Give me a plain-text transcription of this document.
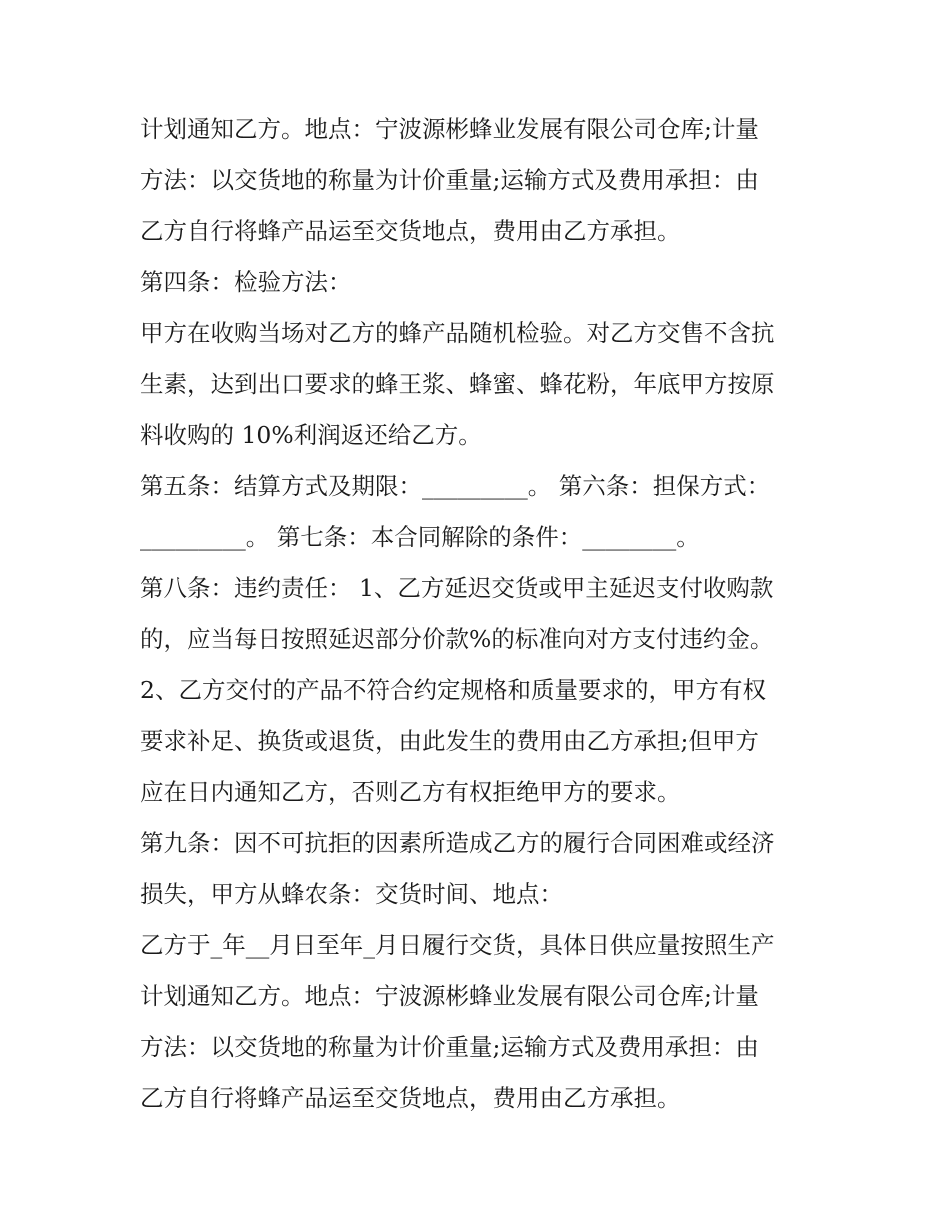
计划通知乙方。地点：宁波源彬蜂业发展有限公司仓库;计量
方法：以交货地的称量为计价重量;运输方式及费用承担：由
乙方自行将蜂产品运至交货地点，费用由乙方承担。
第四条：检验方法：
甲方在收购当场对乙方的蜂产品随机检验。对乙方交售不含抗
生素，达到出口要求的蜂王浆、蜂蜜、蜂花粉，年底甲方按原
料收购的 10%利润返还给乙方。
第五条：结算方式及期限：_________。 第六条：担保方式：
_________。 第七条：本合同解除的条件：________。
第八条：违约责任： 1、乙方延迟交货或甲主延迟支付收购款
的，应当每日按照延迟部分价款%的标准向对方支付违约金。
2、乙方交付的产品不符合约定规格和质量要求的，甲方有权
要求补足、换货或退货，由此发生的费用由乙方承担;但甲方
应在日内通知乙方，否则乙方有权拒绝甲方的要求。
第九条：因不可抗拒的因素所造成乙方的履行合同困难或经济
损失，甲方从蜂农条：交货时间、地点：
乙方于_年__月日至年_月日履行交货，具体日供应量按照生产
计划通知乙方。地点：宁波源彬蜂业发展有限公司仓库;计量
方法：以交货地的称量为计价重量;运输方式及费用承担：由
乙方自行将蜂产品运至交货地点，费用由乙方承担。
